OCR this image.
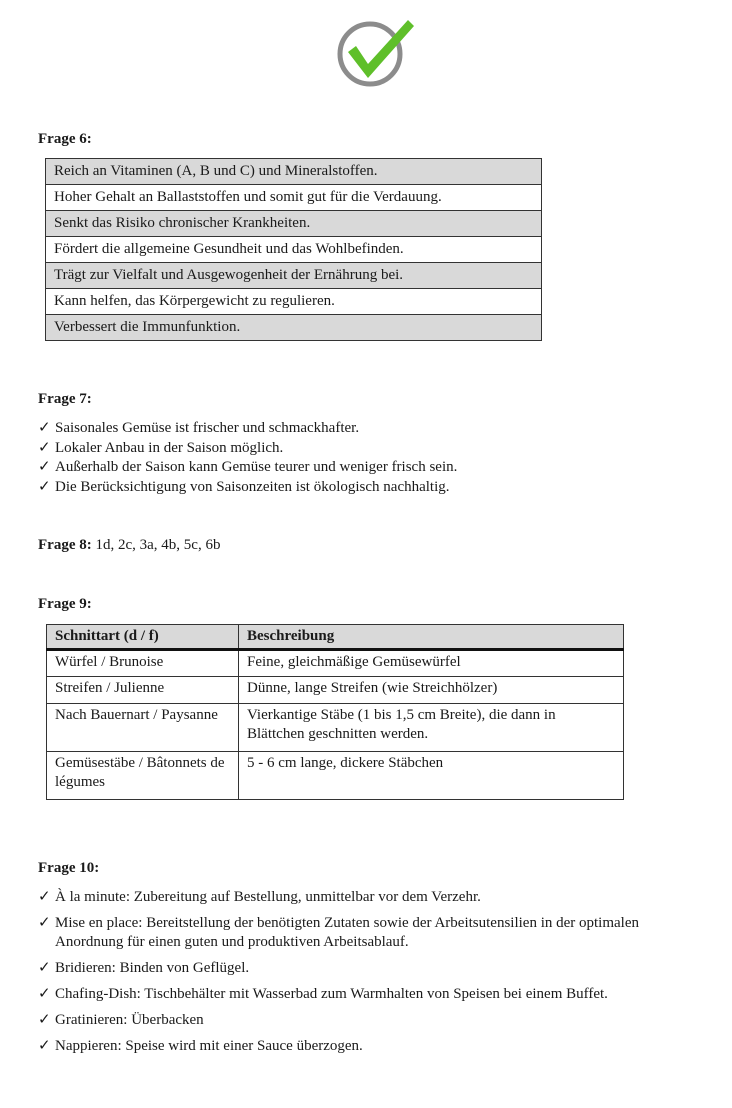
Frage 6:
Reich an Vitaminen (A, B und C) und Mineralstoffen.
Hoher Gehalt an Ballaststoffen und somit gut für die Verdauung.
Senkt das Risiko chronischer Krankheiten.
Fördert die allgemeine Gesundheit und das Wohlbefinden.
Trägt zur Vielfalt und Ausgewogenheit der Ernährung bei.
Kann helfen, das Körpergewicht zu regulieren.
Verbessert die Immunfunktion.
Frage 7:
✓ Saisonales Gemüse ist frischer und schmackhafter.
✓ Lokaler Anbau in der Saison möglich.
✓ Außerhalb der Saison kann Gemüse teurer und weniger frisch sein.
✓ Die Berücksichtigung von Saisonzeiten ist ökologisch nachhaltig.
Frage 8: 1d, 2c, 3a, 4b, 5c, 6b
Frage 9:
Schnittart (d / f)	Beschreibung
Würfel / Brunoise	Feine, gleichmäßige Gemüsewürfel
Streifen / Julienne	Dünne, lange Streifen (wie Streichhölzer)
Nach Bauernart / Paysanne	Vierkantige Stäbe (1 bis 1,5 cm Breite), die dann in Blättchen geschnitten werden.
Gemüsestäbe / Bâtonnets de légumes	5 - 6 cm lange, dickere Stäbchen
Frage 10:
✓ À la minute: Zubereitung auf Bestellung, unmittelbar vor dem Verzehr.
✓ Mise en place: Bereitstellung der benötigten Zutaten sowie der Arbeitsutensilien in der optimalen Anordnung für einen guten und produktiven Arbeitsablauf.
✓ Bridieren: Binden von Geflügel.
✓ Chafing-Dish: Tischbehälter mit Wasserbad zum Warmhalten von Speisen bei einem Buffet.
✓ Gratinieren: Überbacken
✓ Nappieren: Speise wird mit einer Sauce überzogen.
